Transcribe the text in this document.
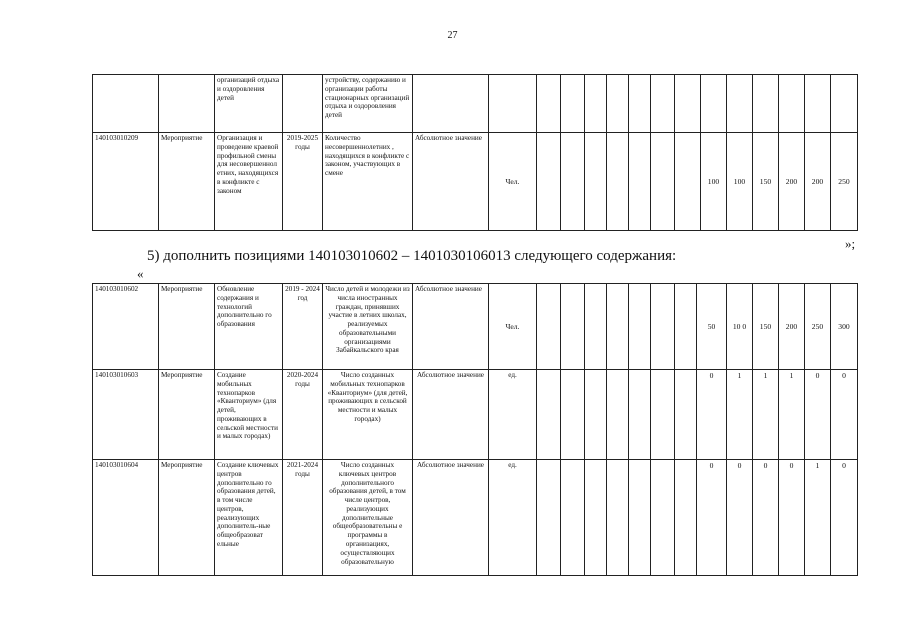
27
		организаций отдыха и оздоровления детей		устройству, содержанию и организации работы стационарных организаций отдыха и оздоровления детей																
140103010209	Мероприятие	Организация и проведение краевой профильной смены для несовершеннол етних, находящихся в конфликте с законом	2019-2025 годы	Количество несовершеннолетних , находящихся в конфликте с законом, участвующих в смене	Абсолютное значение	Чел.								100	100	150	200	200	250	
»;
5) дополнить позициями 140103010602 – 1401030106013 следующего содержания:
«
140103010602	Мероприятие	Обновление содержания и технологий дополнительно го образования	2019 - 2024 год	Число детей и молодежи из числа иностранных граждан, принявших участие в летних школах, реализуемых образовательными организациями Забайкальского края	Абсолютное значение	Чел.								50	10 0	150	200	250	300
140103010603	Мероприятие	Создание мобильных технопарков «Кванториум» (для детей, проживающих в сельской местности и малых городах)	2020-2024 годы	Число созданных мобильных технопарков «Кванториум» (для детей, проживающих в сельской местности и малых городах)	Абсолютное значение	ед.								0	1	1	1	0	0
140103010604	Мероприятие	Создание ключевых центров дополнительно го образования детей, в том числе центров, реализующих дополнитель-ные общеобразоват ельные	2021-2024 годы	Число созданных ключевых центров дополнительного образования детей, в том числе центров, реализующих дополнительные общеобразовательны е программы в организациях, осуществляющих образовательную	Абсолютное значение	ед.								0	0	0	0	1	0
